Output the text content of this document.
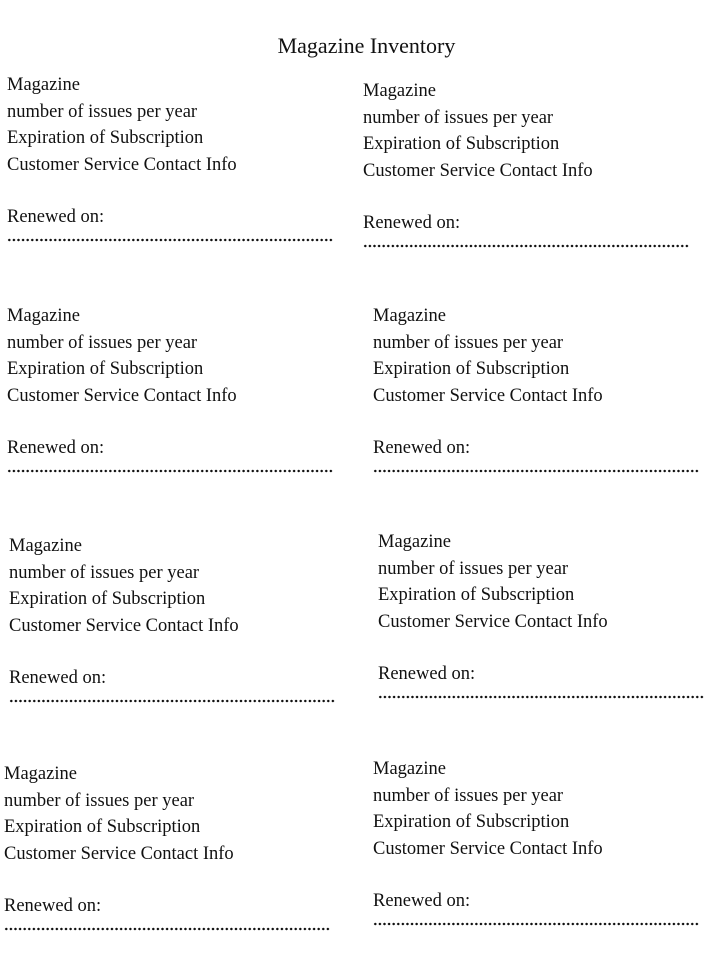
Magazine Inventory
Magazine
number of issues per year
Expiration of Subscription
Customer Service Contact Info
Renewed on:
Magazine
number of issues per year
Expiration of Subscription
Customer Service Contact Info
Renewed on:
Magazine
number of issues per year
Expiration of Subscription
Customer Service Contact Info
Renewed on:
Magazine
number of issues per year
Expiration of Subscription
Customer Service Contact Info
Renewed on:
Magazine
number of issues per year
Expiration of Subscription
Customer Service Contact Info
Renewed on:
Magazine
number of issues per year
Expiration of Subscription
Customer Service Contact Info
Renewed on:
Magazine
number of issues per year
Expiration of Subscription
Customer Service Contact Info
Renewed on:
Magazine
number of issues per year
Expiration of Subscription
Customer Service Contact Info
Renewed on:
